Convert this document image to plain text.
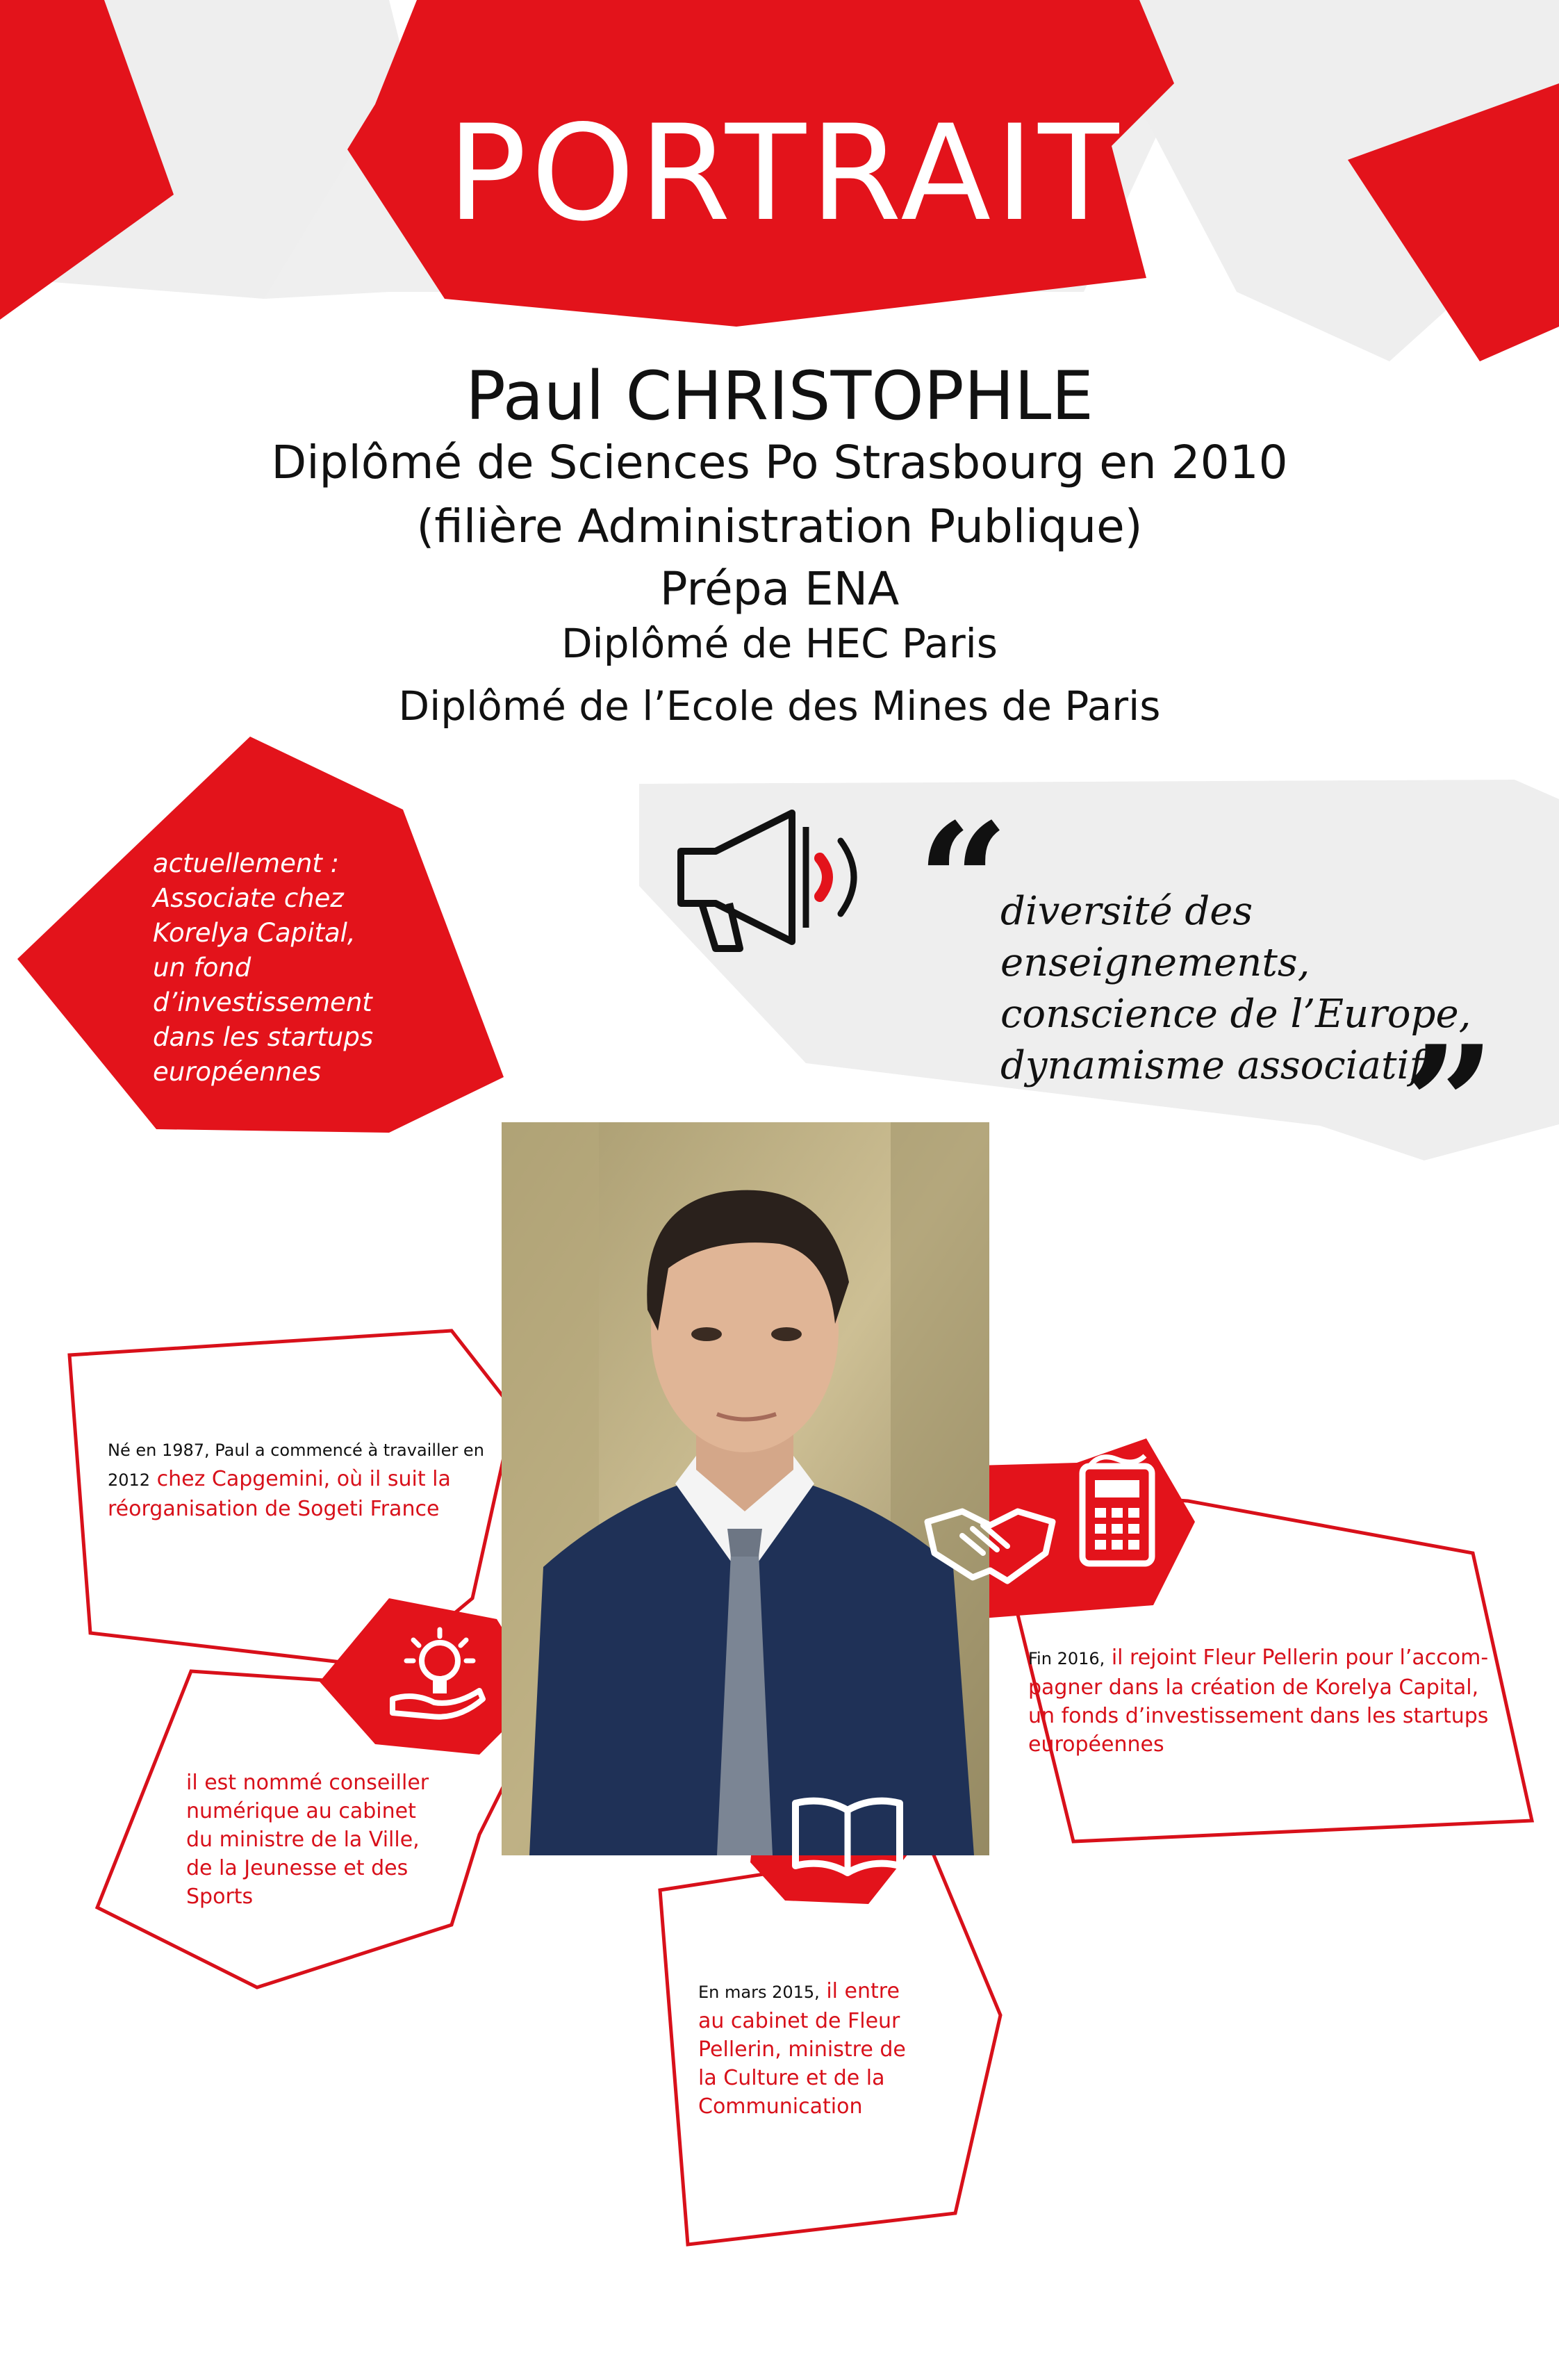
PORTRAIT
Paul CHRISTOPHLE
Diplômé de Sciences Po Strasbourg en 2010
(filière Administration Publique)
Prépa ENA
Diplômé de HEC Paris
Diplômé de l’Ecole des Mines de Paris
actuellement :
Associate chez
Korelya Capital,
un fond
d’investissement
dans les startups
européennes
“
diversité des enseignements,
conscience de l’Europe,
dynamisme associatif.
”
Né en 1987, Paul a commencé à travailler en
2012 chez Capgemini, où il suit la
réorganisation de Sogeti France
il est nommé conseiller
numérique au cabinet
du ministre de la Ville,
de la Jeunesse et des
Sports
En mars 2015, il entre
au cabinet de Fleur
Pellerin, ministre de
la Culture et de la
Communication
Fin 2016, il rejoint Fleur Pellerin pour l’accom-
pagner dans la création de Korelya Capital,
un fonds d’investissement dans les startups
européennes
